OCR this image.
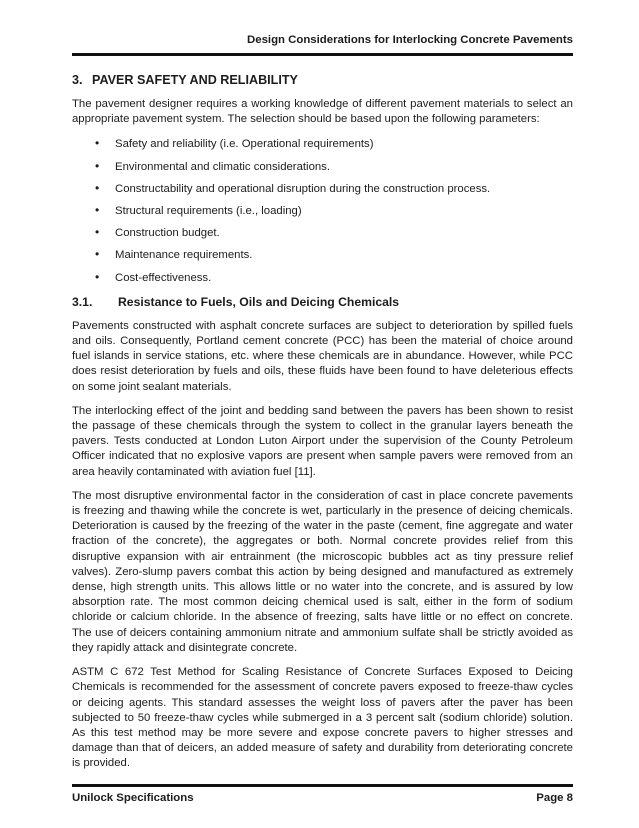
Design Considerations for Interlocking Concrete Pavements
3. PAVER SAFETY AND RELIABILITY

The pavement designer requires a working knowledge of different pavement materials to select an appropriate pavement system. The selection should be based upon the following parameters:

• Safety and reliability (i.e. Operational requirements)
• Environmental and climatic considerations.
• Constructability and operational disruption during the construction process.
• Structural requirements (i.e., loading)
• Construction budget.
• Maintenance requirements.
• Cost-effectiveness.
3.1. Resistance to Fuels, Oils and Deicing Chemicals

Pavements constructed with asphalt concrete surfaces are subject to deterioration by spilled fuels and oils. Consequently, Portland cement concrete (PCC) has been the material of choice around fuel islands in service stations, etc. where these chemicals are in abundance. However, while PCC does resist deterioration by fuels and oils, these fluids have been found to have deleterious effects on some joint sealant materials.

The interlocking effect of the joint and bedding sand between the pavers has been shown to resist the passage of these chemicals through the system to collect in the granular layers beneath the pavers. Tests conducted at London Luton Airport under the supervision of the County Petroleum Officer indicated that no explosive vapors are present when sample pavers were removed from an area heavily contaminated with aviation fuel [11].

The most disruptive environmental factor in the consideration of cast in place concrete pavements is freezing and thawing while the concrete is wet, particularly in the presence of deicing chemicals. Deterioration is caused by the freezing of the water in the paste (cement, fine aggregate and water fraction of the concrete), the aggregates or both. Normal concrete provides relief from this disruptive expansion with air entrainment (the microscopic bubbles act as tiny pressure relief valves). Zero-slump pavers combat this action by being designed and manufactured as extremely dense, high strength units. This allows little or no water into the concrete, and is assured by low absorption rate. The most common deicing chemical used is salt, either in the form of sodium chloride or calcium chloride. In the absence of freezing, salts have little or no effect on concrete. The use of deicers containing ammonium nitrate and ammonium sulfate shall be strictly avoided as they rapidly attack and disintegrate concrete.

ASTM C 672 Test Method for Scaling Resistance of Concrete Surfaces Exposed to Deicing Chemicals is recommended for the assessment of concrete pavers exposed to freeze-thaw cycles or deicing agents. This standard assesses the weight loss of pavers after the paver has been subjected to 50 freeze-thaw cycles while submerged in a 3 percent salt (sodium chloride) solution. As this test method may be more severe and expose concrete pavers to higher stresses and damage than that of deicers, an added measure of safety and durability from deteriorating concrete is provided.

Unilock Specifications	Page 8
